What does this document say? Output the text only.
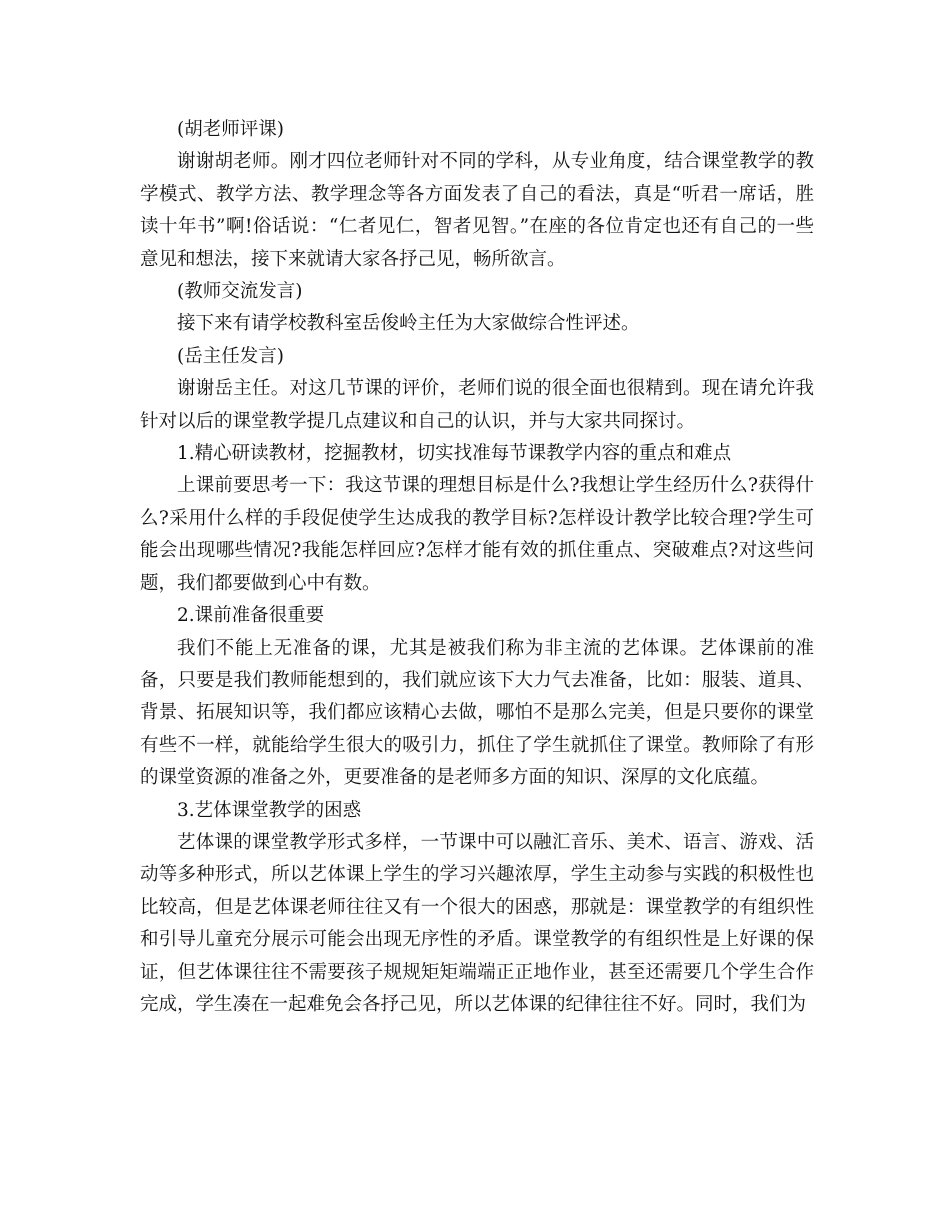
(胡老师评课)

谢谢胡老师。刚才四位老师针对不同的学科，从专业角度，结合课堂教学的教学模式、教学方法、教学理念等各方面发表了自己的看法，真是“听君一席话，胜读十年书”啊!俗话说：“仁者见仁，智者见智。”在座的各位肯定也还有自己的一些意见和想法，接下来就请大家各抒己见，畅所欲言。

(教师交流发言)

接下来有请学校教科室岳俊岭主任为大家做综合性评述。

(岳主任发言)

谢谢岳主任。对这几节课的评价，老师们说的很全面也很精到。现在请允许我针对以后的课堂教学提几点建议和自己的认识，并与大家共同探讨。

1.精心研读教材，挖掘教材，切实找准每节课教学内容的重点和难点

上课前要思考一下：我这节课的理想目标是什么?我想让学生经历什么?获得什么?采用什么样的手段促使学生达成我的教学目标?怎样设计教学比较合理?学生可能会出现哪些情况?我能怎样回应?怎样才能有效的抓住重点、突破难点?对这些问题，我们都要做到心中有数。

2.课前准备很重要

我们不能上无准备的课，尤其是被我们称为非主流的艺体课。艺体课前的准备，只要是我们教师能想到的，我们就应该下大力气去准备，比如：服装、道具、背景、拓展知识等，我们都应该精心去做，哪怕不是那么完美，但是只要你的课堂有些不一样，就能给学生很大的吸引力，抓住了学生就抓住了课堂。教师除了有形的课堂资源的准备之外，更要准备的是老师多方面的知识、深厚的文化底蕴。

3.艺体课堂教学的困惑

艺体课的课堂教学形式多样，一节课中可以融汇音乐、美术、语言、游戏、活动等多种形式，所以艺体课上学生的学习兴趣浓厚，学生主动参与实践的积极性也比较高，但是艺体课老师往往又有一个很大的困惑，那就是：课堂教学的有组织性和引导儿童充分展示可能会出现无序性的矛盾。课堂教学的有组织性是上好课的保证，但艺体课往往不需要孩子规规矩矩端端正正地作业，甚至还需要几个学生合作完成，学生凑在一起难免会各抒己见，所以艺体课的纪律往往不好。同时，我们为
